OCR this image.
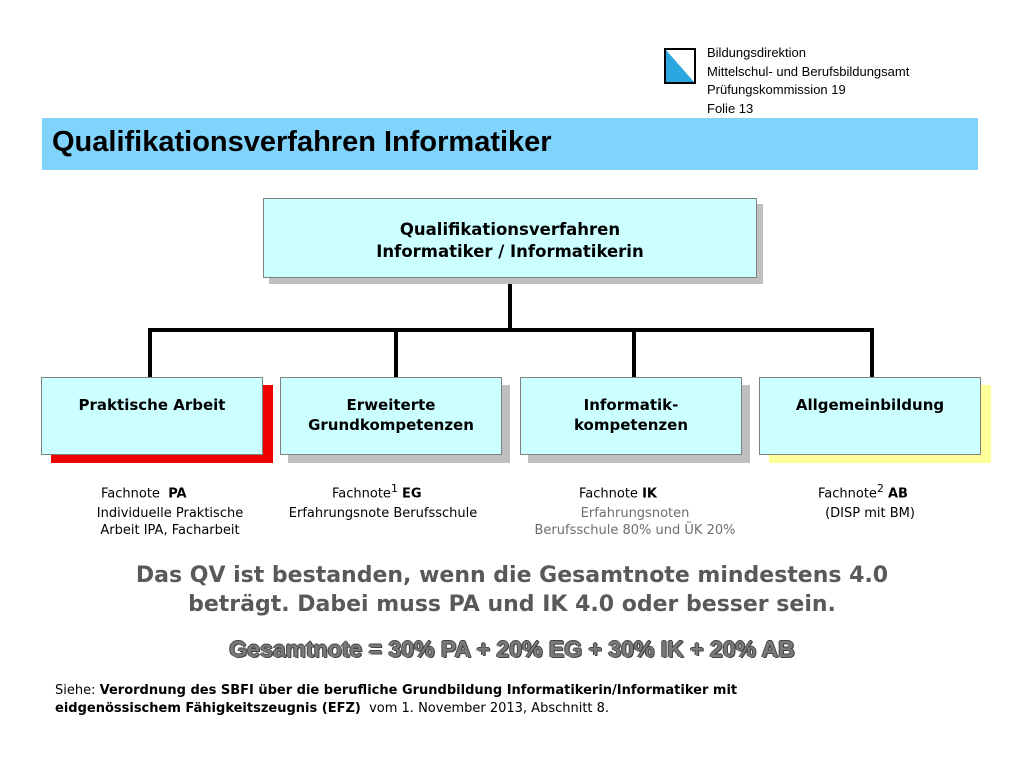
Bildungsdirektion
Mittelschul- und Berufsbildungsamt
Prüfungskommission 19
Folie 13
Qualifikationsverfahren Informatiker
Qualifikationsverfahren
Informatiker / Informatikerin
Praktische Arbeit	Erweiterte
Grundkompetenzen
Informatik-
kompetenzen
Allgemeinbildung
Fachnote PA	Fachnote$^1$ EG	Fachnote IK	Fachnote$^2$ AB
Individuelle Praktische
Arbeit IPA, Facharbeit
Erfahrungsnote Berufsschule	Erfahrungsnoten
Berufsschule 80% und ÜK 20%
(DISP mit BM)
Das QV ist bestanden, wenn die Gesamtnote mindestens 4.0
beträgt. Dabei muss PA und IK 4.0 oder besser sein.
Gesamtnote = 30% PA + 20% EG + 30% IK + 20% AB
Siehe: Verordnung des SBFI über die berufliche Grundbildung Informatikerin/Informatiker mit
eidgenössischem Fähigkeitszeugnis (EFZ)  vom 1. November 2013, Abschnitt 8.
